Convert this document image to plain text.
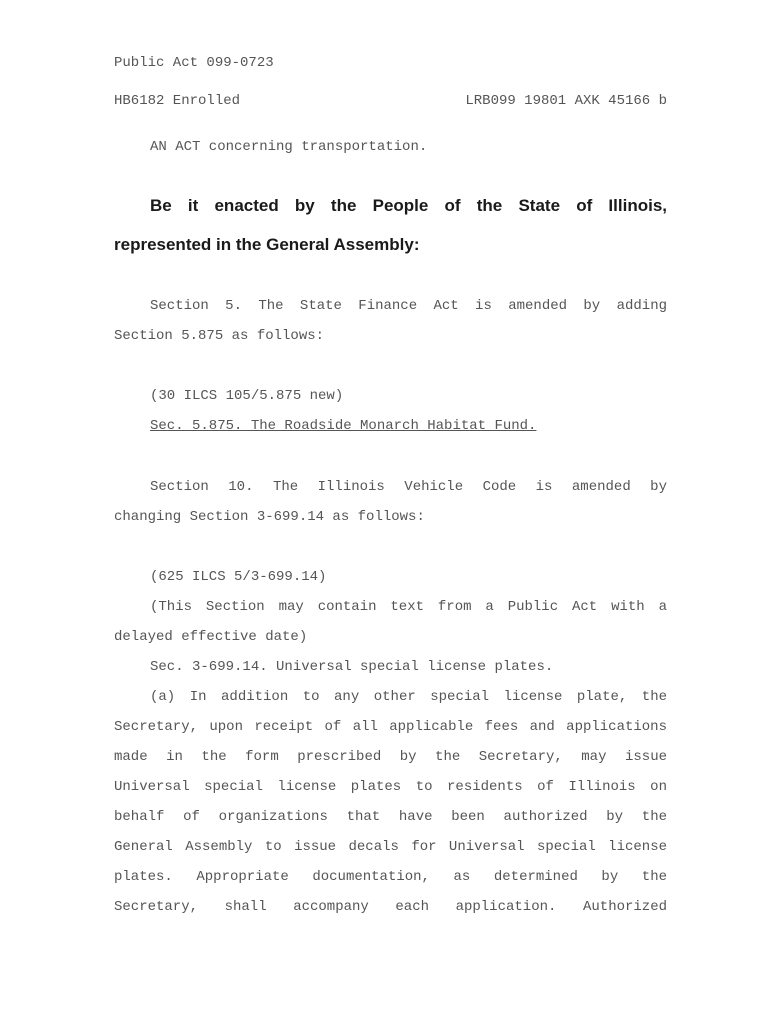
Public Act 099-0723
HB6182 Enrolled	LRB099 19801 AXK 45166 b
AN ACT concerning transportation.
Be it enacted by the People of the State of Illinois,
represented in the General Assembly:
Section 5. The State Finance Act is amended by adding
Section 5.875 as follows:
(30 ILCS 105/5.875 new)
Sec. 5.875. The Roadside Monarch Habitat Fund.
Section 10. The Illinois Vehicle Code is amended by
changing Section 3-699.14 as follows:
(625 ILCS 5/3-699.14)
(This Section may contain text from a Public Act with a
delayed effective date)
Sec. 3-699.14. Universal special license plates.
(a) In addition to any other special license plate, the
Secretary, upon receipt of all applicable fees and applications
made in the form prescribed by the Secretary, may issue
Universal special license plates to residents of Illinois on
behalf of organizations that have been authorized by the
General Assembly to issue decals for Universal special license
plates. Appropriate documentation, as determined by the
Secretary, shall accompany each application. Authorized
